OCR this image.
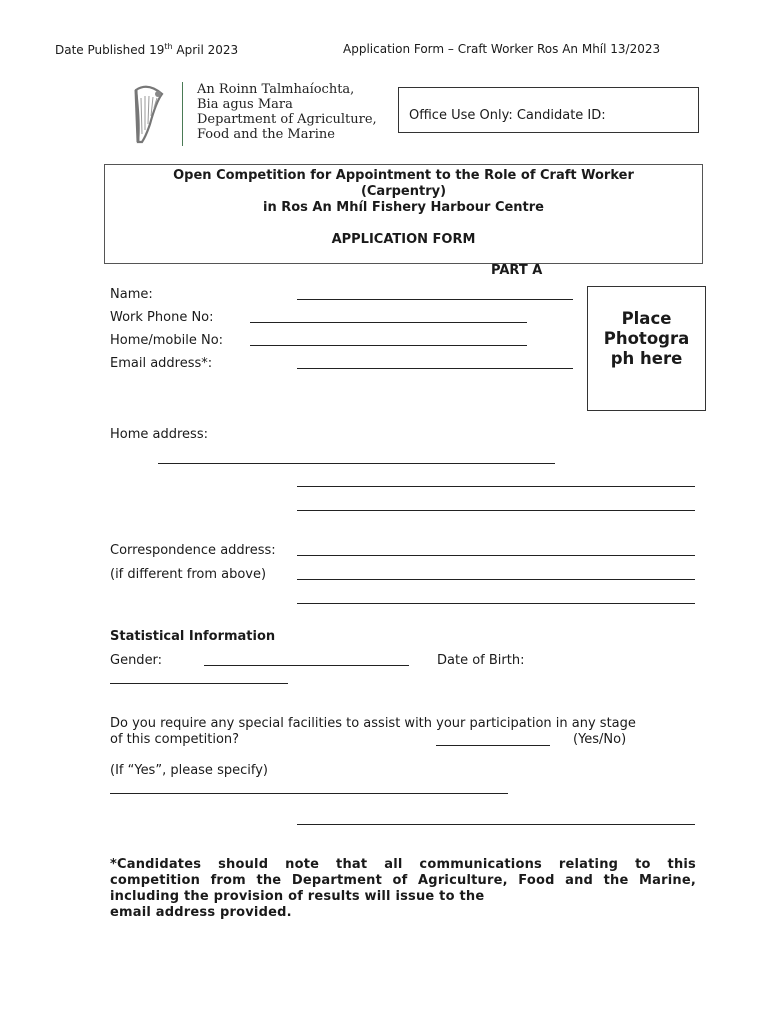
Date Published 19th April 2023	Application Form – Craft Worker Ros An Mhíl 13/2023
An Roinn Talmhaíochta,
Bia agus Mara
Department of Agriculture,
Food and the Marine
Office Use Only: Candidate ID:
Open Competition for Appointment to the Role of Craft Worker
(Carpentry)
in Ros An Mhíl Fishery Harbour Centre
APPLICATION FORM
PART A
Place
Photogra
ph here
Name:
Work Phone No:
Home/mobile No:
Email address*:
Home address:
Correspondence address:
(if different from above)
Statistical Information
Gender:	Date of Birth:
Do you require any special facilities to assist with your participation in any stage
of this competition?	(Yes/No)
(If “Yes”, please specify)
*Candidates should note that all communications relating to this
competition from the Department of Agriculture, Food and the Marine,
including the provision of results will issue to the
email address provided.
